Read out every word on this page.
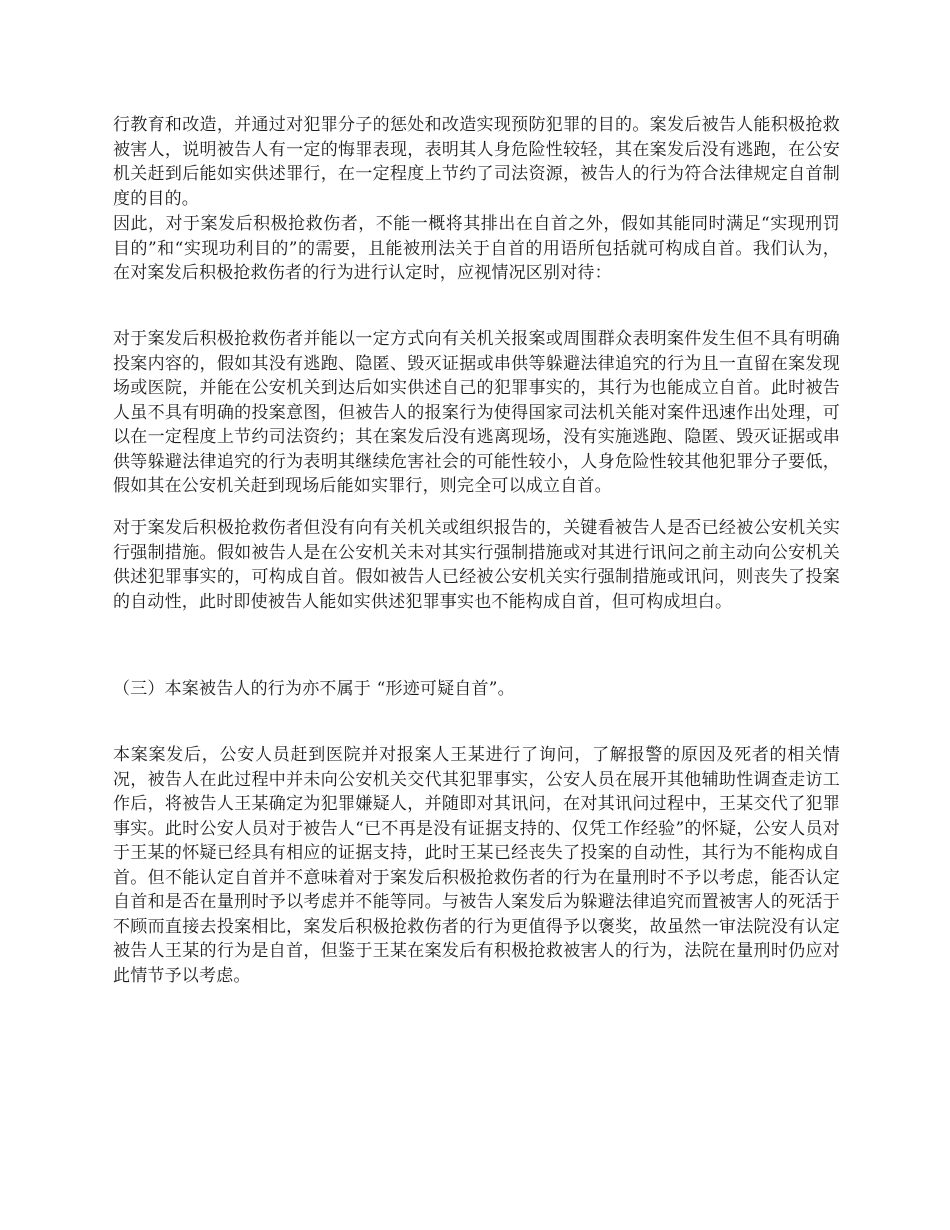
行教育和改造，并通过对犯罪分子的惩处和改造实现预防犯罪的目的。案发后被告人能积极抢救被害人，说明被告人有一定的悔罪表现，表明其人身危险性较轻，其在案发后没有逃跑，在公安机关赶到后能如实供述罪行，在一定程度上节约了司法资源，被告人的行为符合法律规定自首制度的目的。

因此，对于案发后积极抢救伤者，不能一概将其排出在自首之外，假如其能同时满足“实现刑罚目的”和“实现功利目的”的需要，且能被刑法关于自首的用语所包括就可构成自首。我们认为，在对案发后积极抢救伤者的行为进行认定时，应视情况区别对待：

对于案发后积极抢救伤者并能以一定方式向有关机关报案或周围群众表明案件发生但不具有明确投案内容的，假如其没有逃跑、隐匿、毁灭证据或串供等躲避法律追究的行为且一直留在案发现场或医院，并能在公安机关到达后如实供述自己的犯罪事实的，其行为也能成立自首。此时被告人虽不具有明确的投案意图，但被告人的报案行为使得国家司法机关能对案件迅速作出处理，可以在一定程度上节约司法资约；其在案发后没有逃离现场，没有实施逃跑、隐匿、毁灭证据或串供等躲避法律追究的行为表明其继续危害社会的可能性较小，人身危险性较其他犯罪分子要低，假如其在公安机关赶到现场后能如实罪行，则完全可以成立自首。

对于案发后积极抢救伤者但没有向有关机关或组织报告的，关键看被告人是否已经被公安机关实行强制措施。假如被告人是在公安机关未对其实行强制措施或对其进行讯问之前主动向公安机关供述犯罪事实的，可构成自首。假如被告人已经被公安机关实行强制措施或讯问，则丧失了投案的自动性，此时即使被告人能如实供述犯罪事实也不能构成自首，但可构成坦白。

（三）本案被告人的行为亦不属于 “形迹可疑自首”。

本案案发后，公安人员赶到医院并对报案人王某进行了询问，了解报警的原因及死者的相关情况，被告人在此过程中并未向公安机关交代其犯罪事实，公安人员在展开其他辅助性调查走访工作后，将被告人王某确定为犯罪嫌疑人，并随即对其讯问，在对其讯问过程中，王某交代了犯罪事实。此时公安人员对于被告人“已不再是没有证据支持的、仅凭工作经验”的怀疑，公安人员对于王某的怀疑已经具有相应的证据支持，此时王某已经丧失了投案的自动性，其行为不能构成自首。但不能认定自首并不意味着对于案发后积极抢救伤者的行为在量刑时不予以考虑，能否认定自首和是否在量刑时予以考虑并不能等同。与被告人案发后为躲避法律追究而置被害人的死活于不顾而直接去投案相比，案发后积极抢救伤者的行为更值得予以褒奖，故虽然一审法院没有认定被告人王某的行为是自首，但鉴于王某在案发后有积极抢救被害人的行为，法院在量刑时仍应对此情节予以考虑。
